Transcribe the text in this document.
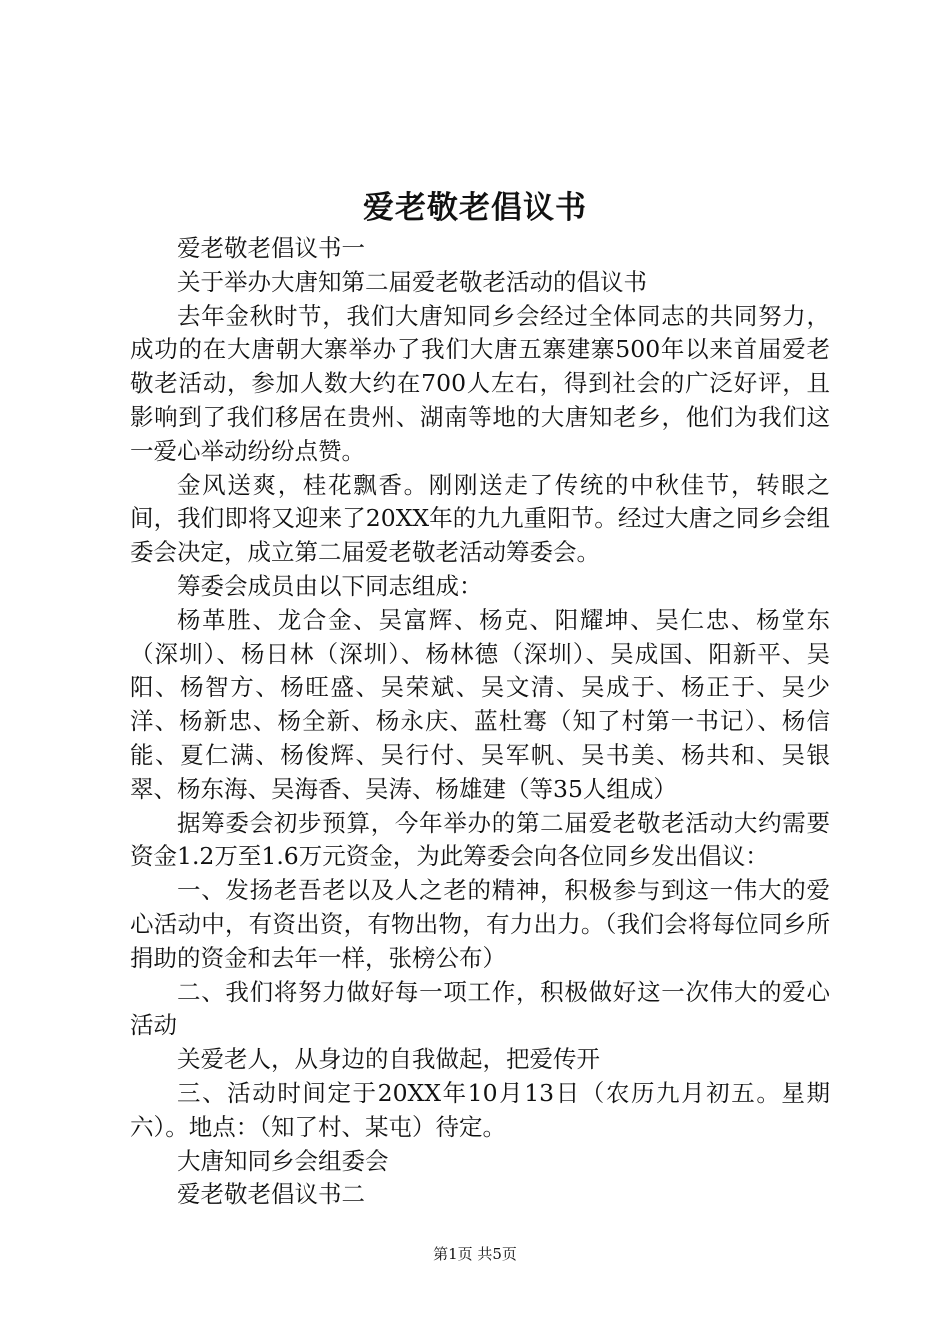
爱老敬老倡议书

爱老敬老倡议书一

关于举办大唐知第二届爱老敬老活动的倡议书

去年金秋时节，我们大唐知同乡会经过全体同志的共同努力，成功的在大唐朝大寨举办了我们大唐五寨建寨500年以来首届爱老敬老活动，参加人数大约在700人左右，得到社会的广泛好评，且影响到了我们移居在贵州、湖南等地的大唐知老乡，他们为我们这一爱心举动纷纷点赞。

金风送爽，桂花飘香。刚刚送走了传统的中秋佳节，转眼之间，我们即将又迎来了20XX年的九九重阳节。经过大唐之同乡会组委会决定，成立第二届爱老敬老活动筹委会。

筹委会成员由以下同志组成：

杨革胜、龙合金、吴富辉、杨克、阳耀坤、吴仁忠、杨堂东（深圳）、杨日林（深圳）、杨林德（深圳）、吴成国、阳新平、吴阳、杨智方、杨旺盛、吴荣斌、吴文清、吴成于、杨正于、吴少洋、杨新忠、杨全新、杨永庆、蓝杜骞（知了村第一书记）、杨信能、夏仁满、杨俊辉、吴行付、吴军帆、吴书美、杨共和、吴银翠、杨东海、吴海香、吴涛、杨雄建（等35人组成）

据筹委会初步预算，今年举办的第二届爱老敬老活动大约需要资金1.2万至1.6万元资金，为此筹委会向各位同乡发出倡议：

一、发扬老吾老以及人之老的精神，积极参与到这一伟大的爱心活动中，有资出资，有物出物，有力出力。（我们会将每位同乡所捐助的资金和去年一样，张榜公布）

二、我们将努力做好每一项工作，积极做好这一次伟大的爱心活动

关爱老人，从身边的自我做起，把爱传开

三、活动时间定于20XX年10月13日（农历九月初五。星期六）。地点：（知了村、某屯）待定。

大唐知同乡会组委会

爱老敬老倡议书二

第1页 共5页
